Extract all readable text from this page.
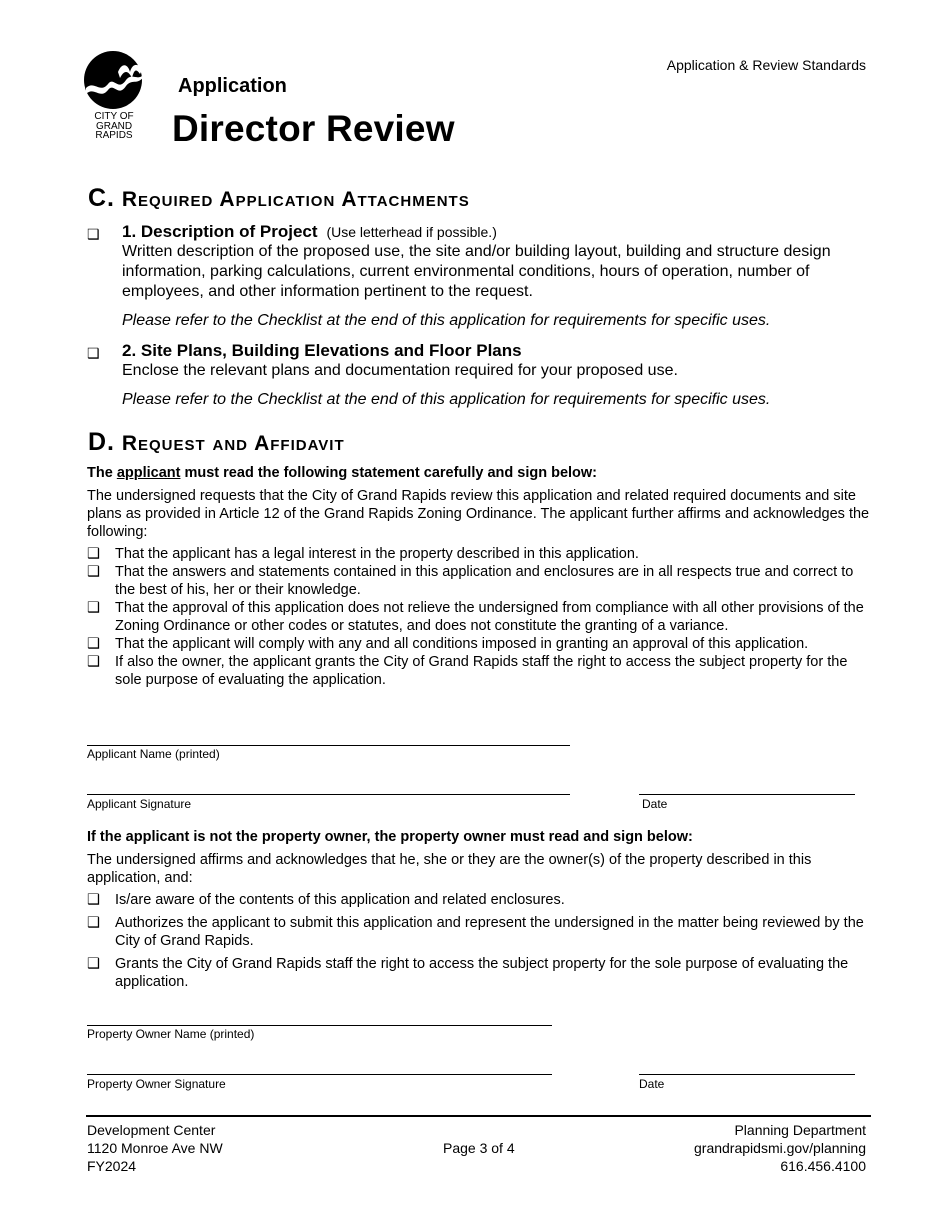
CITY OF
GRAND
RAPIDS
Application
Director Review
Application & Review Standards
C. Required Application Attachments
❑ 1. Description of Project (Use letterhead if possible.)
Written description of the proposed use, the site and/or building layout, building and structure design information, parking calculations, current environmental conditions, hours of operation, number of employees, and other information pertinent to the request.
Please refer to the Checklist at the end of this application for requirements for specific uses.
❑ 2. Site Plans, Building Elevations and Floor Plans
Enclose the relevant plans and documentation required for your proposed use.
Please refer to the Checklist at the end of this application for requirements for specific uses.
D. Request and Affidavit
The applicant must read the following statement carefully and sign below:
The undersigned requests that the City of Grand Rapids review this application and related required documents and site plans as provided in Article 12 of the Grand Rapids Zoning Ordinance. The applicant further affirms and acknowledges the following:
❑ That the applicant has a legal interest in the property described in this application.
❑ That the answers and statements contained in this application and enclosures are in all respects true and correct to the best of his, her or their knowledge.
❑ That the approval of this application does not relieve the undersigned from compliance with all other provisions of the Zoning Ordinance or other codes or statutes, and does not constitute the granting of a variance.
❑ That the applicant will comply with any and all conditions imposed in granting an approval of this application.
❑ If also the owner, the applicant grants the City of Grand Rapids staff the right to access the subject property for the sole purpose of evaluating the application.
Applicant Name (printed)
Applicant Signature	Date
If the applicant is not the property owner, the property owner must read and sign below:
The undersigned affirms and acknowledges that he, she or they are the owner(s) of the property described in this application, and:
❑ Is/are aware of the contents of this application and related enclosures.
❑ Authorizes the applicant to submit this application and represent the undersigned in the matter being reviewed by the City of Grand Rapids.
❑ Grants the City of Grand Rapids staff the right to access the subject property for the sole purpose of evaluating the application.
Property Owner Name (printed)
Property Owner Signature	Date
Development Center
1120 Monroe Ave NW
FY2024
Page 3 of 4
Planning Department
grandrapidsmi.gov/planning
616.456.4100
